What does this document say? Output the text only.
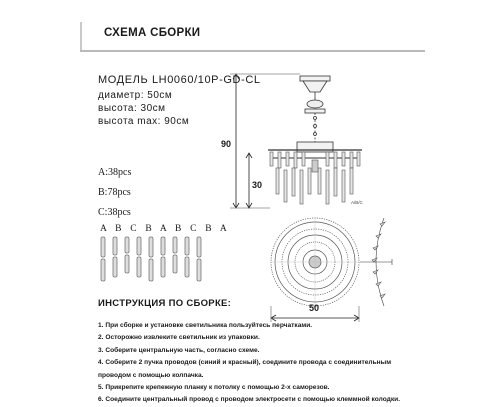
СХЕМА СБОРКИ
МОДЕЛЬ LH0060/10P-GD-CL
диаметр: 50см
высота: 30см
высота max: 90см
A:38pcs
B:78pcs
C:38pcs
A B C B A B C B A
A/B/C
90
30
50
ИНСТРУКЦИЯ ПО СБОРКЕ:
1. При сборке и установке светильника пользуйтесь перчатками.
2. Осторожно извлеките светильник из упаковки.
3. Соберите центральную часть, согласно схеме.
4. Соберите 2 пучка проводов (синий и красный), соедините провода с соединительным
проводом с помощью колпачка.
5. Прикрепите крепежную планку к потолку с помощью 2-х саморезов.
6. Соедините центральный провод с проводом электросети с помощью клеммной колодки.
